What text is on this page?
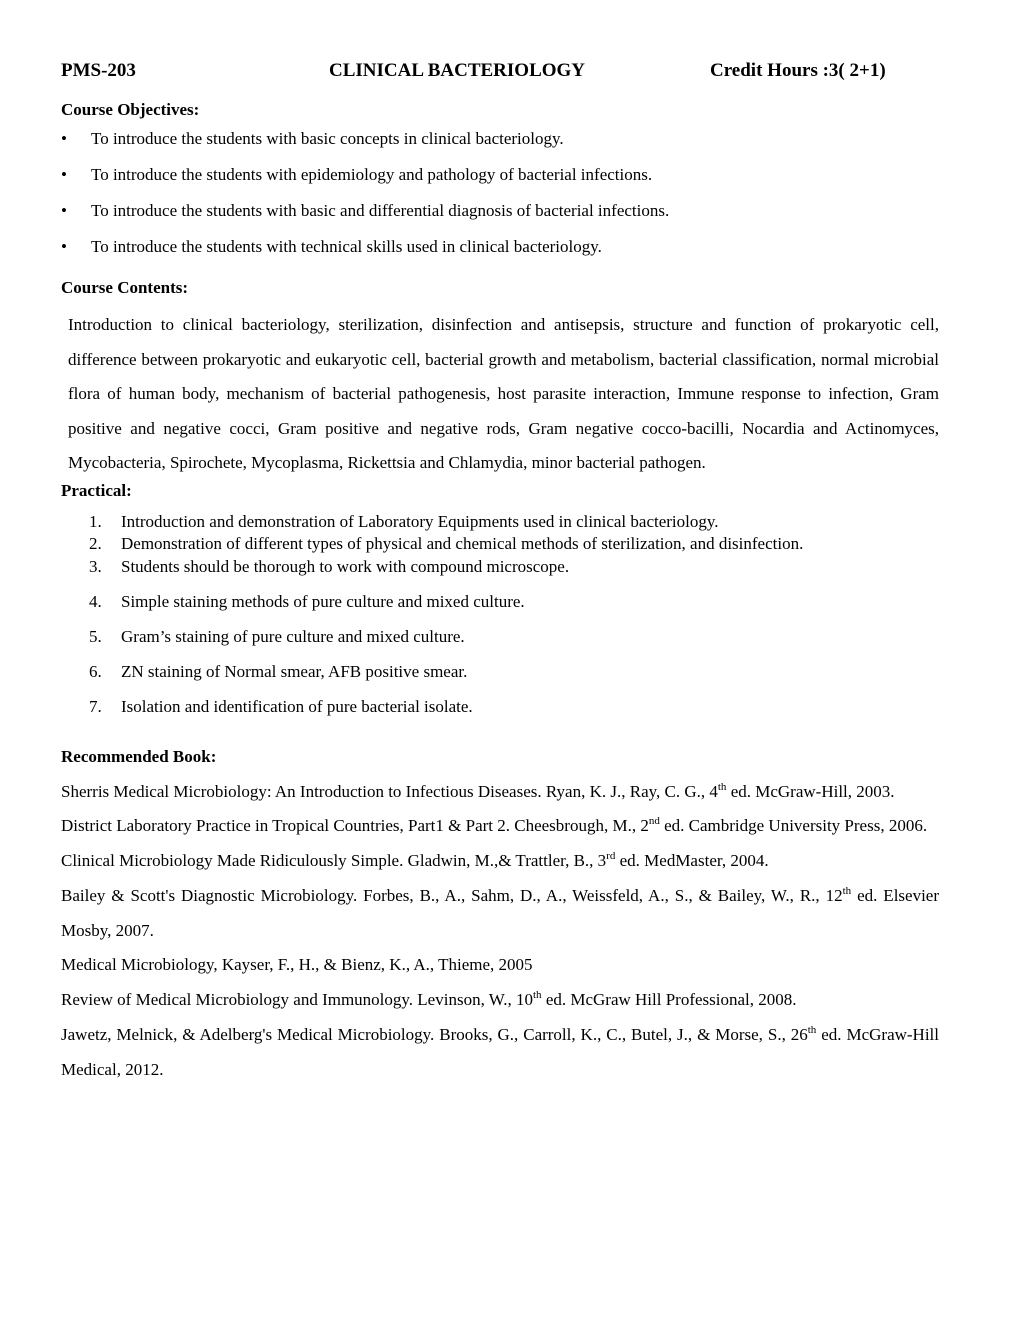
PMS-203	CLINICAL BACTERIOLOGY	Credit Hours :3( 2+1)
Course Objectives:
• To introduce the students with basic concepts in clinical bacteriology.
• To introduce the students with epidemiology and pathology of bacterial infections.
• To introduce the students with basic and differential diagnosis of bacterial infections.
• To introduce the students with technical skills used in clinical bacteriology.
Course Contents:

Introduction to clinical bacteriology, sterilization, disinfection and antisepsis, structure and function of prokaryotic cell, difference between prokaryotic and eukaryotic cell, bacterial growth and metabolism, bacterial classification, normal microbial flora of human body, mechanism of bacterial pathogenesis, host parasite interaction, Immune response to infection, Gram positive and negative cocci, Gram positive and negative rods, Gram negative cocco-bacilli, Nocardia and Actinomyces, Mycobacteria, Spirochete, Mycoplasma, Rickettsia and Chlamydia, minor bacterial pathogen.

Practical:
1. Introduction and demonstration of Laboratory Equipments used in clinical bacteriology.
2. Demonstration of different types of physical and chemical methods of sterilization, and disinfection.
3. Students should be thorough to work with compound microscope.
4. Simple staining methods of pure culture and mixed culture.
5. Gram’s staining of pure culture and mixed culture.
6. ZN staining of Normal smear, AFB positive smear.
7. Isolation and identification of pure bacterial isolate.
Recommended Book:

Sherris Medical Microbiology: An Introduction to Infectious Diseases. Ryan, K. J., Ray, C. G., 4th ed. McGraw-Hill, 2003.

District Laboratory Practice in Tropical Countries, Part1 & Part 2. Cheesbrough, M., 2nd ed. Cambridge University Press, 2006.

Clinical Microbiology Made Ridiculously Simple. Gladwin, M.,& Trattler, B., 3rd ed. MedMaster, 2004.

Bailey & Scott's Diagnostic Microbiology. Forbes, B., A., Sahm, D., A., Weissfeld, A., S., & Bailey, W., R., 12th ed. Elsevier Mosby, 2007.

Medical Microbiology, Kayser, F., H., & Bienz, K., A., Thieme, 2005

Review of Medical Microbiology and Immunology. Levinson, W., 10th ed. McGraw Hill Professional, 2008.

Jawetz, Melnick, & Adelberg's Medical Microbiology. Brooks, G., Carroll, K., C., Butel, J., & Morse, S., 26th ed. McGraw-Hill Medical, 2012.
